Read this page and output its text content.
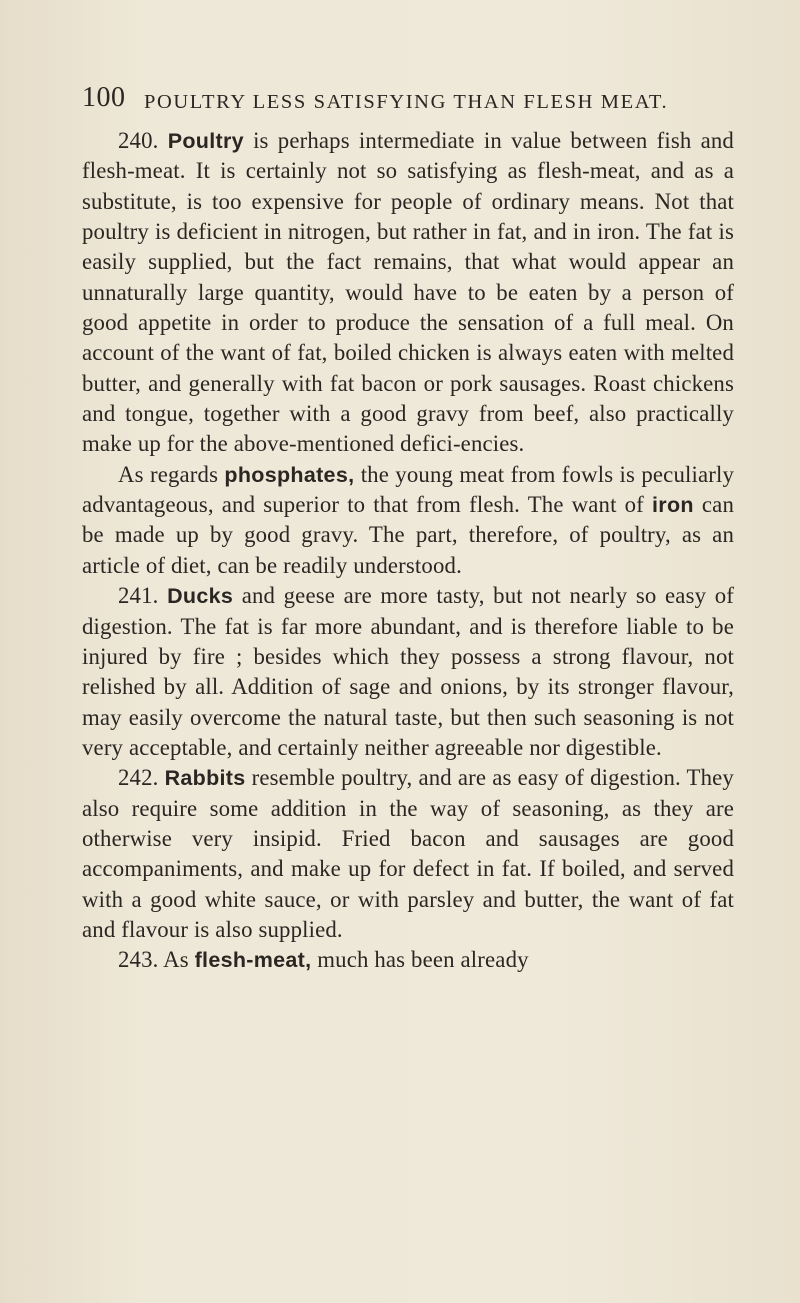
100 POULTRY LESS SATISFYING THAN FLESH MEAT.

240. Poultry is perhaps intermediate in value between fish and flesh-meat. It is certainly not so satisfying as flesh-meat, and as a substitute, is too expensive for people of ordinary means. Not that poultry is deficient in nitrogen, but rather in fat, and in iron. The fat is easily supplied, but the fact remains, that what would appear an unnaturally large quantity, would have to be eaten by a person of good appetite in order to produce the sensation of a full meal. On account of the want of fat, boiled chicken is always eaten with melted butter, and generally with fat bacon or pork sausages. Roast chickens and tongue, together with a good gravy from beef, also practically make up for the above-mentioned defici-encies.

As regards phosphates, the young meat from fowls is peculiarly advantageous, and superior to that from flesh. The want of iron can be made up by good gravy. The part, therefore, of poultry, as an article of diet, can be readily understood.

241. Ducks and geese are more tasty, but not nearly so easy of digestion. The fat is far more abundant, and is therefore liable to be injured by fire ; besides which they possess a strong flavour, not relished by all. Addition of sage and onions, by its stronger flavour, may easily overcome the natural taste, but then such seasoning is not very acceptable, and certainly neither agreeable nor digestible.

242. Rabbits resemble poultry, and are as easy of digestion. They also require some addition in the way of seasoning, as they are otherwise very insipid. Fried bacon and sausages are good accompaniments, and make up for defect in fat. If boiled, and served with a good white sauce, or with parsley and butter, the want of fat and flavour is also supplied.

243. As flesh-meat, much has been already
